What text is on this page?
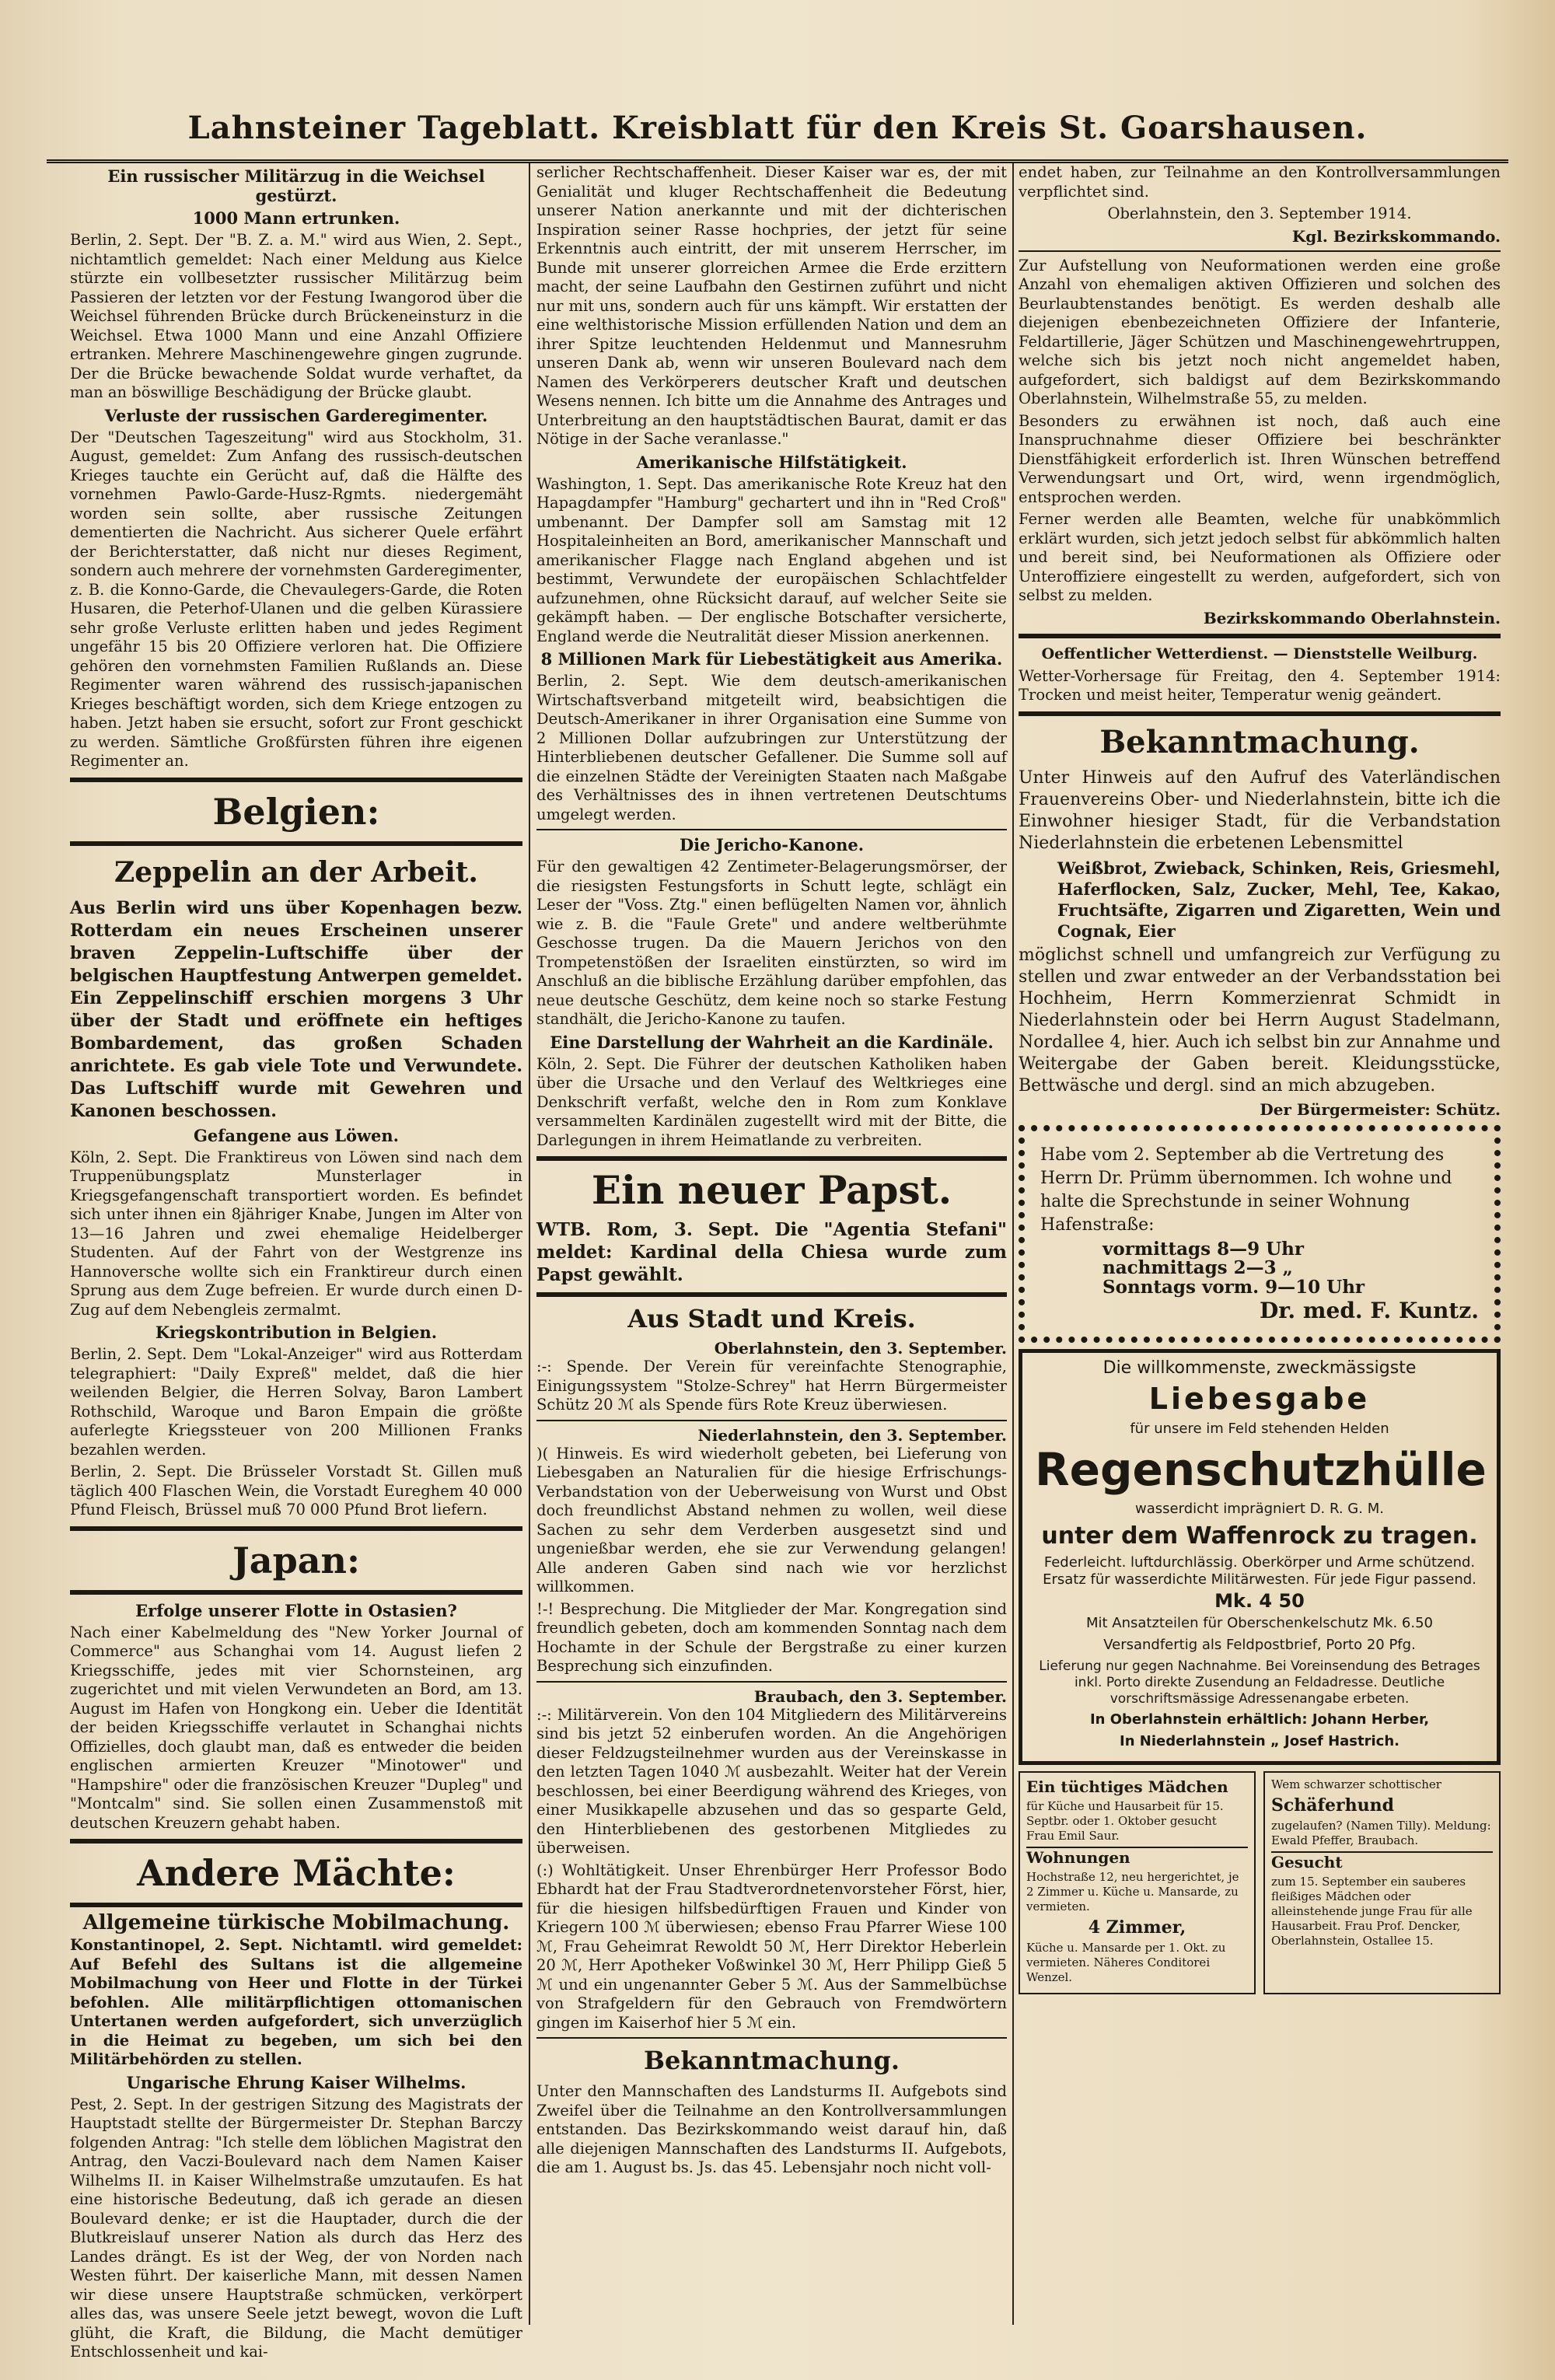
Lahnsteiner Tageblatt. Kreisblatt für den Kreis St. Goarshausen.
Ein russischer Militärzug in die Weichsel gestürzt.
1000 Mann ertrunken.

Berlin, 2. Sept. Der "B. Z. a. M." wird aus Wien, 2. Sept., nichtamtlich gemeldet: Nach einer Meldung aus Kielce stürzte ein vollbesetzter russischer Militärzug beim Passieren der letzten vor der Festung Iwangorod über die Weichsel führenden Brücke durch Brückeneinsturz in die Weichsel. Etwa 1000 Mann und eine Anzahl Offiziere ertranken. Mehrere Maschinengewehre gingen zugrunde. Der die Brücke bewachende Soldat wurde verhaftet, da man an böswillige Beschädigung der Brücke glaubt.

Verluste der russischen Garderegimenter.

Der "Deutschen Tageszeitung" wird aus Stockholm, 31. August, gemeldet: Zum Anfang des russisch-deutschen Krieges tauchte ein Gerücht auf, daß die Hälfte des vornehmen Pawlo-Garde-Husz-Rgmts. niedergemäht worden sein sollte, aber russische Zeitungen dementierten die Nachricht. Aus sicherer Quele erfährt der Berichterstatter, daß nicht nur dieses Regiment, sondern auch mehrere der vornehmsten Garderegimenter, z. B. die Konno-Garde, die Chevaulegers-Garde, die Roten Husaren, die Peterhof-Ulanen und die gelben Kürassiere sehr große Verluste erlitten haben und jedes Regiment ungefähr 15 bis 20 Offiziere verloren hat. Die Offiziere gehören den vornehmsten Familien Rußlands an. Diese Regimenter waren während des russisch-japanischen Krieges beschäftigt worden, sich dem Kriege entzogen zu haben. Jetzt haben sie ersucht, sofort zur Front geschickt zu werden. Sämtliche Großfürsten führen ihre eigenen Regimenter an.

Belgien:
Zeppelin an der Arbeit.

Aus Berlin wird uns über Kopenhagen bezw. Rotterdam ein neues Erscheinen unserer braven Zeppelin-Luftschiffe über der belgischen Hauptfestung Antwerpen gemeldet. Ein Zeppelinschiff erschien morgens 3 Uhr über der Stadt und eröffnete ein heftiges Bombardement, das großen Schaden anrichtete. Es gab viele Tote und Verwundete. Das Luftschiff wurde mit Gewehren und Kanonen beschossen.

Gefangene aus Löwen.

Köln, 2. Sept. Die Franktireus von Löwen sind nach dem Truppenübungsplatz Munsterlager in Kriegsgefangenschaft transportiert worden. Es befindet sich unter ihnen ein 8jähriger Knabe, Jungen im Alter von 13—16 Jahren und zwei ehemalige Heidelberger Studenten. Auf der Fahrt von der Westgrenze ins Hannoversche wollte sich ein Franktireur durch einen Sprung aus dem Zuge befreien. Er wurde durch einen D-Zug auf dem Nebengleis zermalmt.

Kriegskontribution in Belgien.

Berlin, 2. Sept. Dem "Lokal-Anzeiger" wird aus Rotterdam telegraphiert: "Daily Expreß" meldet, daß die hier weilenden Belgier, die Herren Solvay, Baron Lambert Rothschild, Waroque und Baron Empain die größte auferlegte Kriegssteuer von 200 Millionen Franks bezahlen werden.

Berlin, 2. Sept. Die Brüsseler Vorstadt St. Gillen muß täglich 400 Flaschen Wein, die Vorstadt Eureghem 40 000 Pfund Fleisch, Brüssel muß 70 000 Pfund Brot liefern.

Japan:
Erfolge unserer Flotte in Ostasien?

Nach einer Kabelmeldung des "New Yorker Journal of Commerce" aus Schanghai vom 14. August liefen 2 Kriegsschiffe, jedes mit vier Schornsteinen, arg zugerichtet und mit vielen Verwundeten an Bord, am 13. August im Hafen von Hongkong ein. Ueber die Identität der beiden Kriegsschiffe verlautet in Schanghai nichts Offizielles, doch glaubt man, daß es entweder die beiden englischen armierten Kreuzer "Minotower" und "Hampshire" oder die französischen Kreuzer "Dupleg" und "Montcalm" sind. Sie sollen einen Zusammenstoß mit deutschen Kreuzern gehabt haben.

Andere Mächte:
Allgemeine türkische Mobilmachung.

Konstantinopel, 2. Sept. Nichtamtl. wird gemeldet: Auf Befehl des Sultans ist die allgemeine Mobilmachung von Heer und Flotte in der Türkei befohlen. Alle militärpflichtigen ottomanischen Untertanen werden aufgefordert, sich unverzüglich in die Heimat zu begeben, um sich bei den Militärbehörden zu stellen.

Ungarische Ehrung Kaiser Wilhelms.

Pest, 2. Sept. In der gestrigen Sitzung des Magistrats der Hauptstadt stellte der Bürgermeister Dr. Stephan Barczy folgenden Antrag: "Ich stelle dem löblichen Magistrat den Antrag, den Vaczi-Boulevard nach dem Namen Kaiser Wilhelms II. in Kaiser Wilhelmstraße umzutaufen. Es hat eine historische Bedeutung, daß ich gerade an diesen Boulevard denke; er ist die Hauptader, durch die der Blutkreislauf unserer Nation als durch das Herz des Landes drängt. Es ist der Weg, der von Norden nach Westen führt. Der kaiserliche Mann, mit dessen Namen wir diese unsere Hauptstraße schmücken, verkörpert alles das, was unsere Seele jetzt bewegt, wovon die Luft glüht, die Kraft, die Bildung, die Macht demütiger Entschlossenheit und kai-

serlicher Rechtschaffenheit. Dieser Kaiser war es, der mit Genialität und kluger Rechtschaffenheit die Bedeutung unserer Nation anerkannte und mit der dichterischen Inspiration seiner Rasse hochpries, der jetzt für seine Erkenntnis auch eintritt, der mit unserem Herrscher, im Bunde mit unserer glorreichen Armee die Erde erzittern macht, der seine Laufbahn den Gestirnen zuführt und nicht nur mit uns, sondern auch für uns kämpft. Wir erstatten der eine welthistorische Mission erfüllenden Nation und dem an ihrer Spitze leuchtenden Heldenmut und Mannesruhm unseren Dank ab, wenn wir unseren Boulevard nach dem Namen des Verkörperers deutscher Kraft und deutschen Wesens nennen. Ich bitte um die Annahme des Antrages und Unterbreitung an den hauptstädtischen Baurat, damit er das Nötige in der Sache veranlasse."

Amerikanische Hilfstätigkeit.

Washington, 1. Sept. Das amerikanische Rote Kreuz hat den Hapagdampfer "Hamburg" gechartert und ihn in "Red Croß" umbenannt. Der Dampfer soll am Samstag mit 12 Hospitaleinheiten an Bord, amerikanischer Mannschaft und amerikanischer Flagge nach England abgehen und ist bestimmt, Verwundete der europäischen Schlachtfelder aufzunehmen, ohne Rücksicht darauf, auf welcher Seite sie gekämpft haben. — Der englische Botschafter versicherte, England werde die Neutralität dieser Mission anerkennen.

8 Millionen Mark für Liebestätigkeit aus Amerika.

Berlin, 2. Sept. Wie dem deutsch-amerikanischen Wirtschaftsverband mitgeteilt wird, beabsichtigen die Deutsch-Amerikaner in ihrer Organisation eine Summe von 2 Millionen Dollar aufzubringen zur Unterstützung der Hinterbliebenen deutscher Gefallener. Die Summe soll auf die einzelnen Städte der Vereinigten Staaten nach Maßgabe des Verhältnisses des in ihnen vertretenen Deutschtums umgelegt werden.

Die Jericho-Kanone.

Für den gewaltigen 42 Zentimeter-Belagerungsmörser, der die riesigsten Festungsforts in Schutt legte, schlägt ein Leser der "Voss. Ztg." einen beflügelten Namen vor, ähnlich wie z. B. die "Faule Grete" und andere weltberühmte Geschosse trugen. Da die Mauern Jerichos von den Trompetenstößen der Israeliten einstürzten, so wird im Anschluß an die biblische Erzählung darüber empfohlen, das neue deutsche Geschütz, dem keine noch so starke Festung standhält, die Jericho-Kanone zu taufen.

Eine Darstellung der Wahrheit an die Kardinäle.

Köln, 2. Sept. Die Führer der deutschen Katholiken haben über die Ursache und den Verlauf des Weltkrieges eine Denkschrift verfaßt, welche den in Rom zum Konklave versammelten Kardinälen zugestellt wird mit der Bitte, die Darlegungen in ihrem Heimatlande zu verbreiten.

Ein neuer Papst.

WTB. Rom, 3. Sept. Die "Agentia Stefani" meldet: Kardinal della Chiesa wurde zum Papst gewählt.

Aus Stadt und Kreis.
Oberlahnstein, den 3. September.

:-: Spende. Der Verein für vereinfachte Stenographie, Einigungssystem "Stolze-Schrey" hat Herrn Bürgermeister Schütz 20 ℳ als Spende fürs Rote Kreuz überwiesen.

Niederlahnstein, den 3. September.

)( Hinweis. Es wird wiederholt gebeten, bei Lieferung von Liebesgaben an Naturalien für die hiesige Erfrischungs-Verbandstation von der Ueberweisung von Wurst und Obst doch freundlichst Abstand nehmen zu wollen, weil diese Sachen zu sehr dem Verderben ausgesetzt sind und ungenießbar werden, ehe sie zur Verwendung gelangen! Alle anderen Gaben sind nach wie vor herzlichst willkommen.

!-! Besprechung. Die Mitglieder der Mar. Kongregation sind freundlich gebeten, doch am kommenden Sonntag nach dem Hochamte in der Schule der Bergstraße zu einer kurzen Besprechung sich einzufinden.

Braubach, den 3. September.

:-: Militärverein. Von den 104 Mitgliedern des Militärvereins sind bis jetzt 52 einberufen worden. An die Angehörigen dieser Feldzugsteilnehmer wurden aus der Vereinskasse in den letzten Tagen 1040 ℳ ausbezahlt. Weiter hat der Verein beschlossen, bei einer Beerdigung während des Krieges, von einer Musikkapelle abzusehen und das so gesparte Geld, den Hinterbliebenen des gestorbenen Mitgliedes zu überweisen.

(:) Wohltätigkeit. Unser Ehrenbürger Herr Professor Bodo Ebhardt hat der Frau Stadtverordnetenvorsteher Först, hier, für die hiesigen hilfsbedürftigen Frauen und Kinder von Kriegern 100 ℳ überwiesen; ebenso Frau Pfarrer Wiese 100 ℳ, Frau Geheimrat Rewoldt 50 ℳ, Herr Direktor Heberlein 20 ℳ, Herr Apotheker Voßwinkel 30 ℳ, Herr Philipp Gieß 5 ℳ und ein ungenannter Geber 5 ℳ. Aus der Sammelbüchse von Strafgeldern für den Gebrauch von Fremdwörtern gingen im Kaiserhof hier 5 ℳ ein.

Bekanntmachung.

Unter den Mannschaften des Landsturms II. Aufgebots sind Zweifel über die Teilnahme an den Kontrollversammlungen entstanden. Das Bezirkskommando weist darauf hin, daß alle diejenigen Mannschaften des Landsturms II. Aufgebots, die am 1. August bs. Js. das 45. Lebensjahr noch nicht voll-

endet haben, zur Teilnahme an den Kontrollversammlungen verpflichtet sind.

Oberlahnstein, den 3. September 1914.

Kgl. Bezirkskommando.

Zur Aufstellung von Neuformationen werden eine große Anzahl von ehemaligen aktiven Offizieren und solchen des Beurlaubtenstandes benötigt. Es werden deshalb alle diejenigen ebenbezeichneten Offiziere der Infanterie, Feldartillerie, Jäger Schützen und Maschinengewehrtruppen, welche sich bis jetzt noch nicht angemeldet haben, aufgefordert, sich baldigst auf dem Bezirkskommando Oberlahnstein, Wilhelmstraße 55, zu melden.

Besonders zu erwähnen ist noch, daß auch eine Inanspruchnahme dieser Offiziere bei beschränkter Dienstfähigkeit erforderlich ist. Ihren Wünschen betreffend Verwendungsart und Ort, wird, wenn irgendmöglich, entsprochen werden.

Ferner werden alle Beamten, welche für unabkömmlich erklärt wurden, sich jetzt jedoch selbst für abkömmlich halten und bereit sind, bei Neuformationen als Offiziere oder Unteroffiziere eingestellt zu werden, aufgefordert, sich von selbst zu melden.

Bezirkskommando Oberlahnstein.
Oeffentlicher Wetterdienst. — Dienststelle Weilburg.

Wetter-Vorhersage für Freitag, den 4. September 1914: Trocken und meist heiter, Temperatur wenig geändert.

Bekanntmachung.

Unter Hinweis auf den Aufruf des Vaterländischen Frauenvereins Ober- und Niederlahnstein, bitte ich die Einwohner hiesiger Stadt, für die Verbandstation Niederlahnstein die erbetenen Lebensmittel

Weißbrot, Zwieback, Schinken, Reis, Griesmehl, Haferflocken, Salz, Zucker, Mehl, Tee, Kakao, Fruchtsäfte, Zigarren und Zigaretten, Wein und Cognak, Eier

möglichst schnell und umfangreich zur Verfügung zu stellen und zwar entweder an der Verbandsstation bei Hochheim, Herrn Kommerzienrat Schmidt in Niederlahnstein oder bei Herrn August Stadelmann, Nordallee 4, hier. Auch ich selbst bin zur Annahme und Weitergabe der Gaben bereit. Kleidungsstücke, Bettwäsche und dergl. sind an mich abzugeben.

Der Bürgermeister: Schütz.

Habe vom 2. September ab die Vertretung des Herrn Dr. Prümm übernommen. Ich wohne und halte die Sprechstunde in seiner Wohnung Hafenstraße:

vormittags 8—9 Uhr

nachmittags 2—3 „

Sonntags vorm. 9—10 Uhr

Dr. med. F. Kuntz.

Die willkommenste, zweckmässigste

Liebesgabe

für unsere im Feld stehenden Helden

Regenschutzhülle

wasserdicht imprägniert D. R. G. M.

unter dem Waffenrock zu tragen.

Federleicht. luftdurchlässig. Oberkörper und Arme schützend. Ersatz für wasserdichte Militärwesten. Für jede Figur passend.

Mk. 4 50

Mit Ansatzteilen für Oberschenkelschutz Mk. 6.50

Versandfertig als Feldpostbrief, Porto 20 Pfg.

Lieferung nur gegen Nachnahme. Bei Voreinsendung des Betrages inkl. Porto direkte Zusendung an Feldadresse. Deutliche vorschriftsmässige Adressenangabe erbeten.

In Oberlahnstein erhältlich: Johann Herber,

In Niederlahnstein „ Josef Hastrich.

Ein tüchtiges Mädchen

für Küche und Hausarbeit für 15. Septbr. oder 1. Oktober gesucht Frau Emil Saur.

Wohnungen

Hochstraße 12, neu hergerichtet, je 2 Zimmer u. Küche u. Mansarde, zu vermieten.

4 Zimmer,

Küche u. Mansarde per 1. Okt. zu vermieten. Näheres Conditorei Wenzel.

Wem schwarzer schottischer

Schäferhund

zugelaufen? (Namen Tilly). Meldung: Ewald Pfeffer, Braubach.

Gesucht

zum 15. September ein sauberes fleißiges Mädchen oder alleinstehende junge Frau für alle Hausarbeit. Frau Prof. Dencker, Oberlahnstein, Ostallee 15.
